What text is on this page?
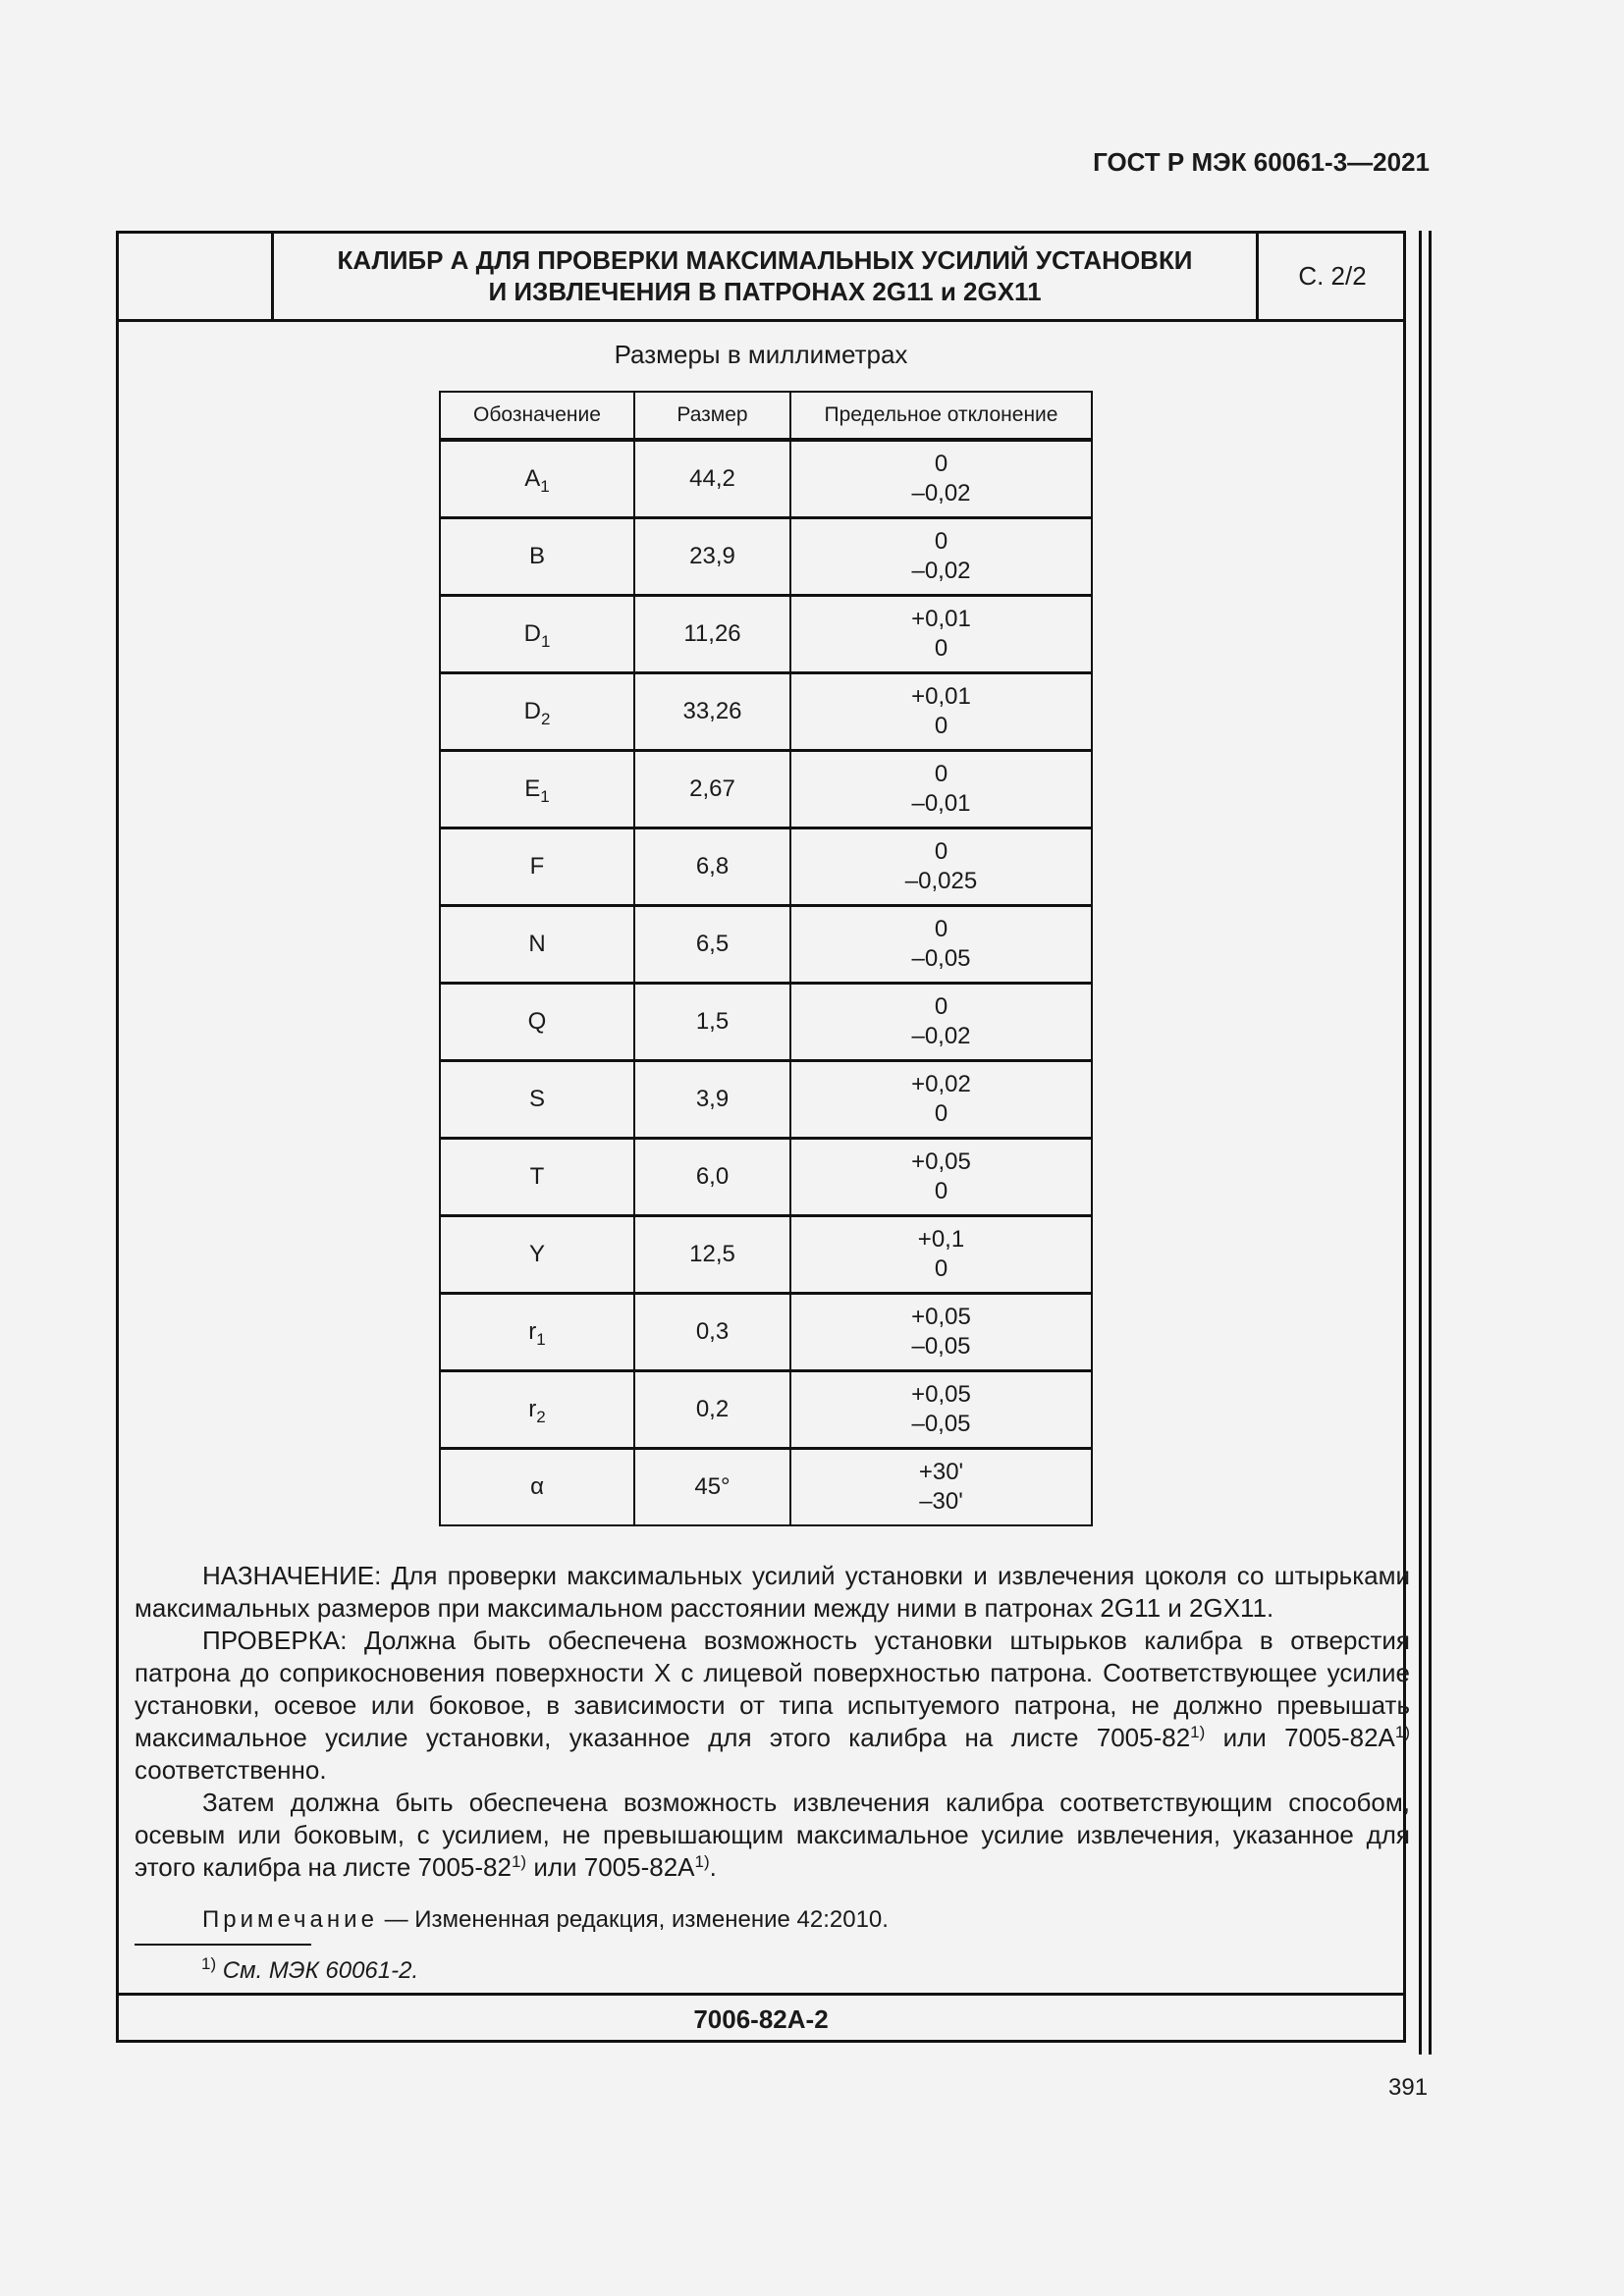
ГОСТ Р МЭК 60061-3—2021
КАЛИБР А ДЛЯ ПРОВЕРКИ МАКСИМАЛЬНЫХ УСИЛИЙ УСТАНОВКИ
И ИЗВЛЕЧЕНИЯ В ПАТРОНАХ 2G11 и 2GX11
С. 2/2
Размеры в миллиметрах
Обозначение	Размер	Предельное отклонение
$A_1$	44,2	0
–0,02

B	23,9	0
–0,02

$D_1$	11,26	+0,01
0

$D_2$	33,26	+0,01
0

$E_1$	2,67	0
–0,01

F	6,8	0
–0,025

N	6,5	0
–0,05

Q	1,5	0
–0,02

S	3,9	+0,02
0

T	6,0	+0,05
0

Y	12,5	+0,1
0

$r_1$	0,3	+0,05
–0,05

$r_2$	0,2	+0,05
–0,05

α	45°	+30'
–30'

НАЗНАЧЕНИЕ: Для проверки максимальных усилий установки и извлечения цоколя со штырьками максимальных размеров при максимальном расстоянии между ними в патронах 2G11 и 2GX11.

ПРОВЕРКА: Должна быть обеспечена возможность установки штырьков калибра в отверстия патрона до соприкосновения поверхности X с лицевой поверхностью патрона. Соответствующее усилие установки, осевое или боковое, в зависимости от типа испытуемого патрона, не должно превышать максимальное усилие установки, указанное для этого калибра на листе 7005-82$^{1)}$ или $7005-82А^{1)}$ соответственно.

Затем должна быть обеспечена возможность извлечения калибра соответствующим способом, осевым или боковым, с усилием, не превышающим максимальное усилие извлечения, указанное для этого калибра на листе 7005-82$^{1)}$ или $7005-82А^{1)}$.

Примечание — Измененная редакция, изменение 42:2010.
$^{1)}$ См. МЭК 60061-2.
7006-82А-2
391
